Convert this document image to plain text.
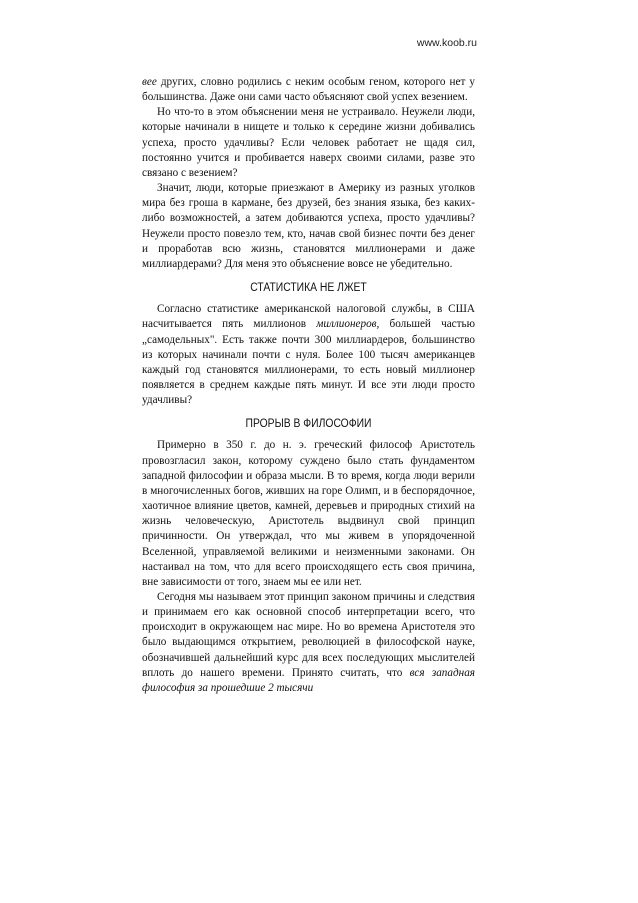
www.koob.ru

вее других, словно родились с неким особым геном, которого нет у большинства. Даже они сами часто объясняют свой успех везением.

Но что-то в этом объяснении меня не устраивало. Неужели люди, которые начинали в нищете и только к середине жизни добивались успеха, просто удачливы? Если человек работает не щадя сил, постоянно учится и пробивается наверх своими силами, разве это связано с везением?

Значит, люди, которые приезжают в Америку из разных уголков мира без гроша в кармане, без друзей, без знания языка, без каких-либо возможностей, а затем добиваются успеха, просто удачливы? Неужели просто повезло тем, кто, начав свой бизнес почти без денег и проработав всю жизнь, становятся миллионерами и даже миллиардерами? Для меня это объяснение вовсе не убедительно.

СТАТИСТИКА НЕ ЛЖЕТ

Согласно статистике американской налоговой службы, в США насчитывается пять миллионов миллионеров, большей частью „самодельных". Есть также почти 300 миллиардеров, большинство из которых начинали почти с нуля. Более 100 тысяч американцев каждый год становятся миллионерами, то есть новый миллионер появляется в среднем каждые пять минут. И все эти люди просто удачливы?

ПРОРЫВ В ФИЛОСОФИИ

Примерно в 350 г. до н. э. греческий философ Аристотель провозгласил закон, которому суждено было стать фундаментом западной философии и образа мысли. В то время, когда люди верили в многочисленных богов, живших на горе Олимп, и в беспорядочное, хаотичное влияние цветов, камней, деревьев и природных стихий на жизнь человеческую, Аристотель выдвинул свой принцип причинности. Он утверждал, что мы живем в упорядоченной Вселенной, управляемой великими и неизменными законами. Он настаивал на том, что для всего происходящего есть своя причина, вне зависимости от того, знаем мы ее или нет.

Сегодня мы называем этот принцип законом причины и следствия и принимаем его как основной способ интерпретации всего, что происходит в окружающем нас мире. Но во времена Аристотеля это было выдающимся открытием, революцией в философской науке, обозначившей дальнейший курс для всех последующих мыслителей вплоть до нашего времени. Принято считать, что вся западная философия за прошедшие 2 тысячи
